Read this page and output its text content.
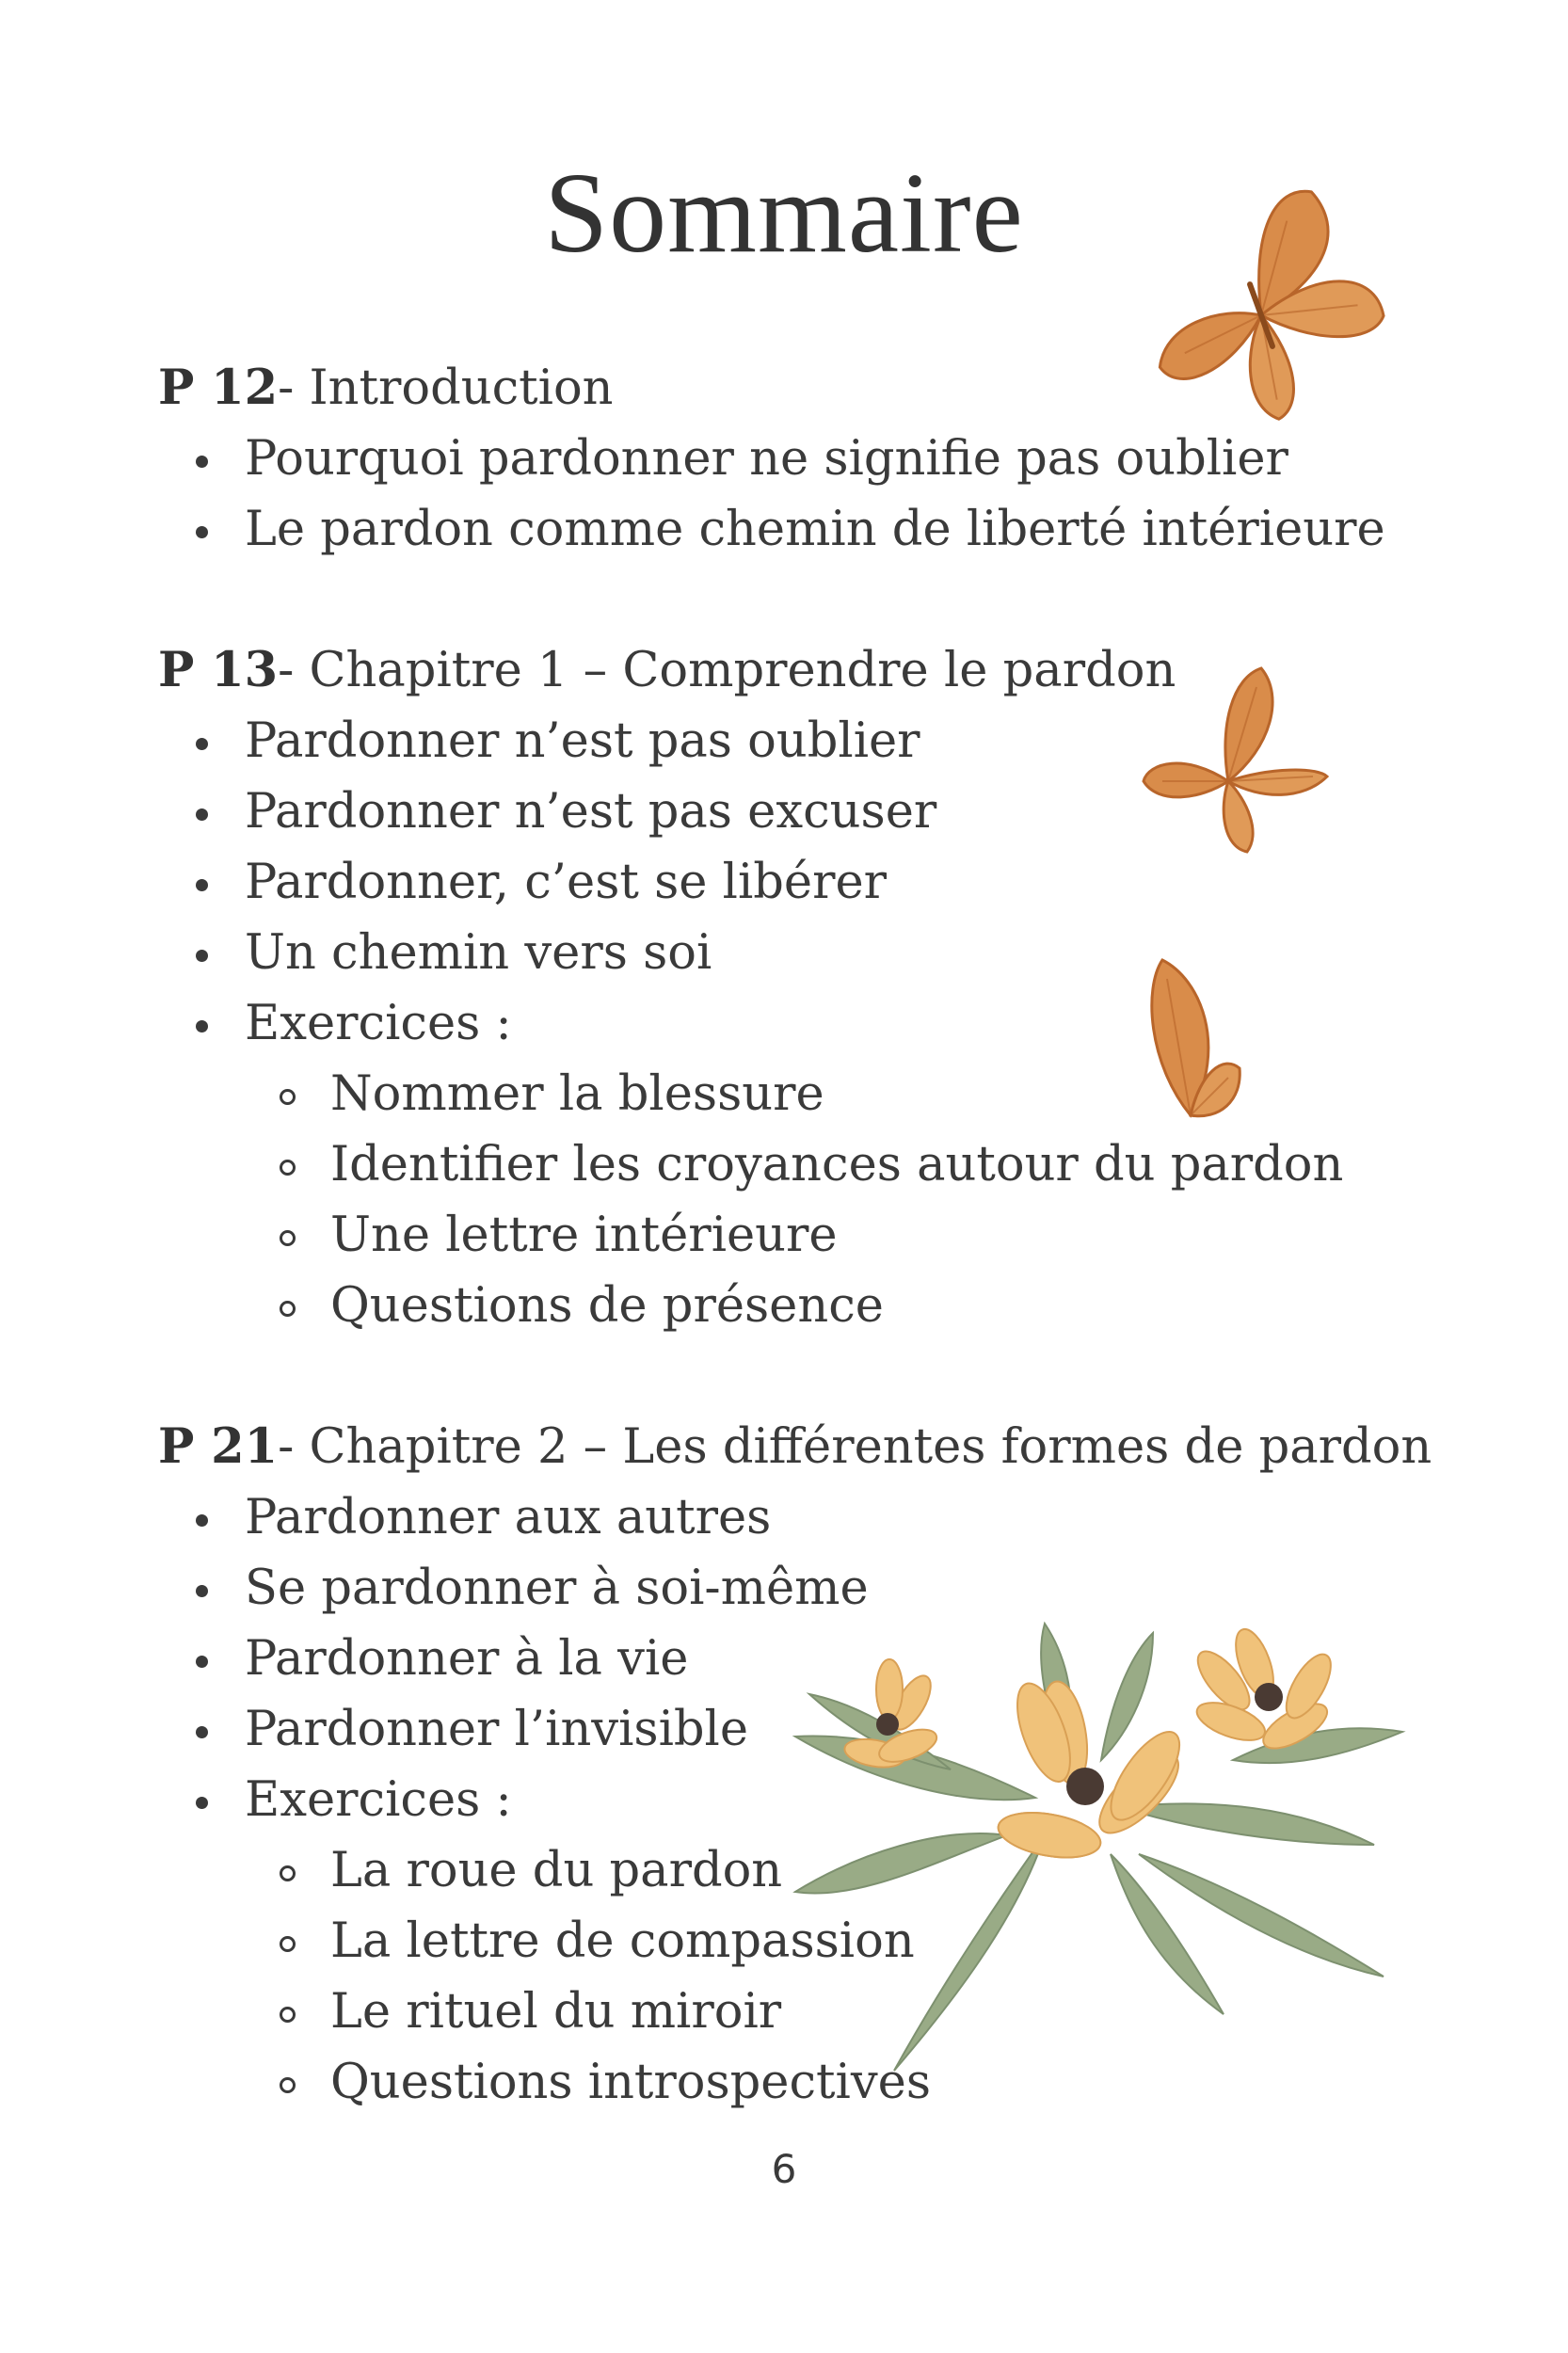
Sommaire
P 12- Introduction
Pourquoi pardonner ne signifie pas oublier
Le pardon comme chemin de liberté intérieure
P 13- Chapitre 1 – Comprendre le pardon
Pardonner n’est pas oublier
Pardonner n’est pas excuser
Pardonner, c’est se libérer
Un chemin vers soi
Exercices :
Nommer la blessure
Identifier les croyances autour du pardon
Une lettre intérieure
Questions de présence
P 21- Chapitre 2 – Les différentes formes de pardon
Pardonner aux autres
Se pardonner à soi-même
Pardonner à la vie
Pardonner l’invisible
Exercices :
La roue du pardon
La lettre de compassion
Le rituel du miroir
Questions introspectives
6
